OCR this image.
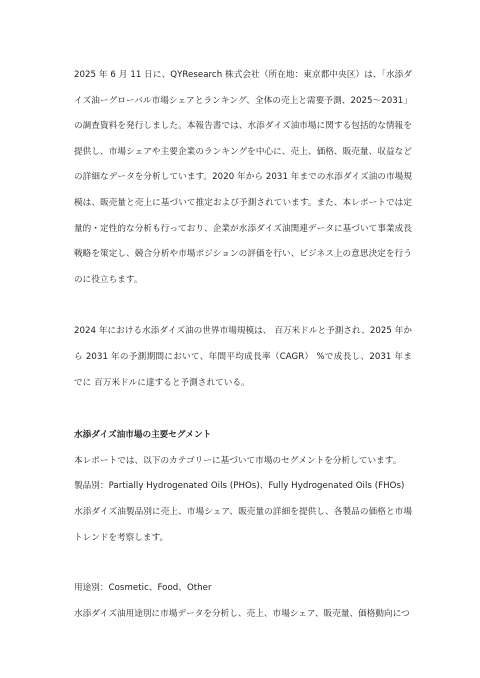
2025 年 6 月 11 日に、QYResearch 株式会社（所在地：東京都中央区）は、「水添ダイズ油ーグローバル市場シェアとランキング、全体の売上と需要予測、2025～2031」の調査資料を発行しました。本報告書では、水添ダイズ油市場に関する包括的な情報を提供し、市場シェアや主要企業のランキングを中心に、売上、価格、販売量、収益などの詳細なデータを分析しています。2020 年から 2031 年までの水添ダイズ油の市場規模は、販売量と売上に基づいて推定および予測されています。また、本レポートでは定量的・定性的な分析も行っており、企業が水添ダイズ油関連データに基づいて事業成長戦略を策定し、競合分析や市場ポジションの評価を行い、ビジネス上の意思決定を行うのに役立ちます。

2024 年における水添ダイズ油の世界市場規模は、 百万米ドルと予測され、2025 年から 2031 年の予測期間において、年間平均成長率（CAGR） %で成長し、2031 年までに 百万米ドルに達すると予測されている。

水添ダイズ油市場の主要セグメント

本レポートでは、以下のカテゴリーに基づいて市場のセグメントを分析しています。

製品別：Partially Hydrogenated Oils (PHOs)、Fully Hydrogenated Oils (FHOs)

水添ダイズ油製品別に売上、市場シェア、販売量の詳細を提供し、各製品の価格と市場トレンドを考察します。

用途別：Cosmetic、Food、Other

水添ダイズ油用途別に市場データを分析し、売上、市場シェア、販売量、価格動向につ
